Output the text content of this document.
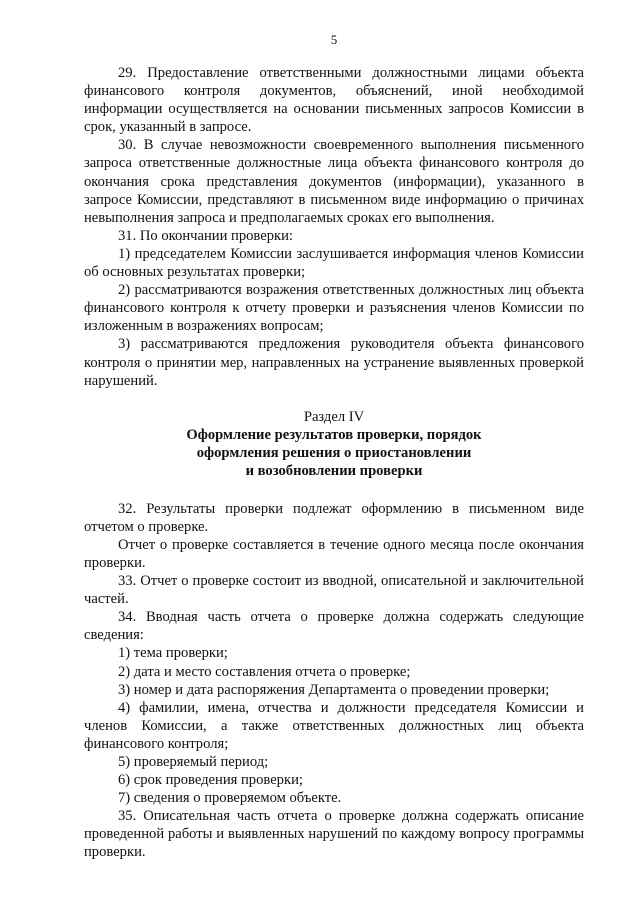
5

29. Предоставление ответственными должностными лицами объекта финансового контроля документов, объяснений, иной необходимой информации осуществляется на основании письменных запросов Комиссии в срок, указанный в запросе.

30. В случае невозможности своевременного выполнения письменного запроса ответственные должностные лица объекта финансового контроля до окончания срока представления документов (информации), указанного в запросе Комиссии, представляют в письменном виде информацию о причинах невыполнения запроса и предполагаемых сроках его выполнения.

31. По окончании проверки:

1) председателем Комиссии заслушивается информация членов Комиссии об основных результатах проверки;

2) рассматриваются возражения ответственных должностных лиц объекта финансового контроля к отчету проверки и разъяснения членов Комиссии по изложенным в возражениях вопросам;

3) рассматриваются предложения руководителя объекта финансового контроля о принятии мер, направленных на устранение выявленных проверкой нарушений.

Раздел IV

Оформление результатов проверки, порядок

оформления решения о приостановлении

и возобновлении проверки

32. Результаты проверки подлежат оформлению в письменном виде отчетом о проверке.

Отчет о проверке составляется в течение одного месяца после окончания проверки.

33. Отчет о проверке состоит из вводной, описательной и заключительной частей.

34. Вводная часть отчета о проверке должна содержать следующие сведения:

1) тема проверки;

2) дата и место составления отчета о проверке;

3) номер и дата распоряжения Департамента о проведении проверки;

4) фамилии, имена, отчества и должности председателя Комиссии и членов Комиссии, а также ответственных должностных лиц объекта финансового контроля;

5) проверяемый период;

6) срок проведения проверки;

7) сведения о проверяемом объекте.

35. Описательная часть отчета о проверке должна содержать описание проведенной работы и выявленных нарушений по каждому вопросу программы проверки.
